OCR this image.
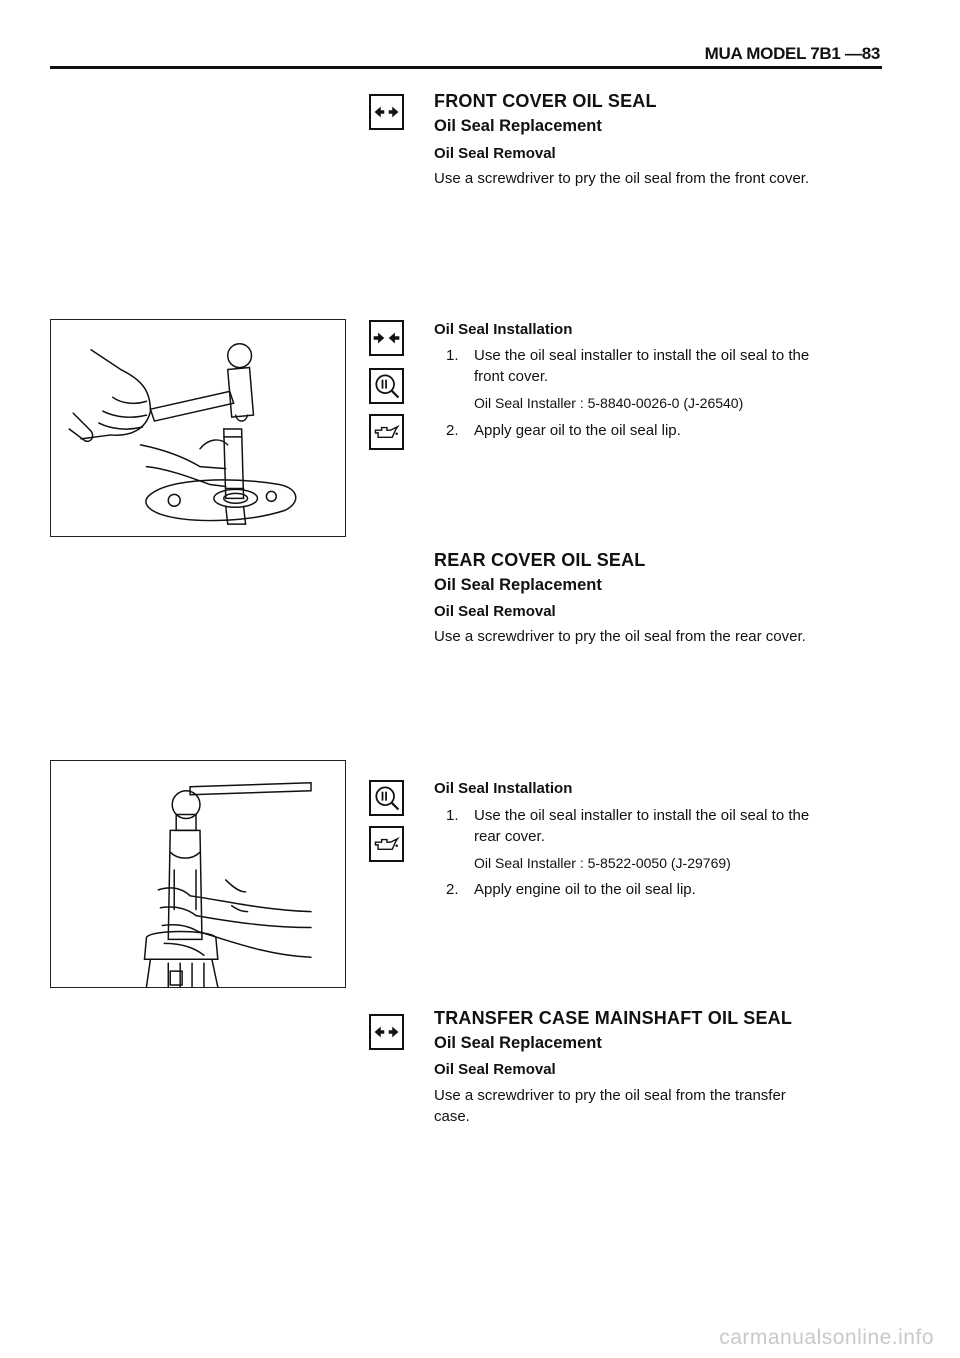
MUA MODEL 7B1 —83
FRONT COVER OIL SEAL
Oil Seal Replacement
Oil Seal Removal
Use a screwdriver to pry the oil seal from the front cover.
Oil Seal Installation
1. Use the oil seal installer to install the oil seal to the
front cover.
Oil Seal Installer : 5-8840-0026-0 (J-26540)
2. Apply gear oil to the oil seal lip.
REAR COVER OIL SEAL
Oil Seal Replacement
Oil Seal Removal
Use a screwdriver to pry the oil seal from the rear cover.
Oil Seal Installation
1. Use the oil seal installer to install the oil seal to the
rear cover.
Oil Seal Installer : 5-8522-0050 (J-29769)
2. Apply engine oil to the oil seal lip.
TRANSFER CASE MAINSHAFT OIL SEAL
Oil Seal Replacement
Oil Seal Removal
Use a screwdriver to pry the oil seal from the transfer
case.
carmanualsonline.info
